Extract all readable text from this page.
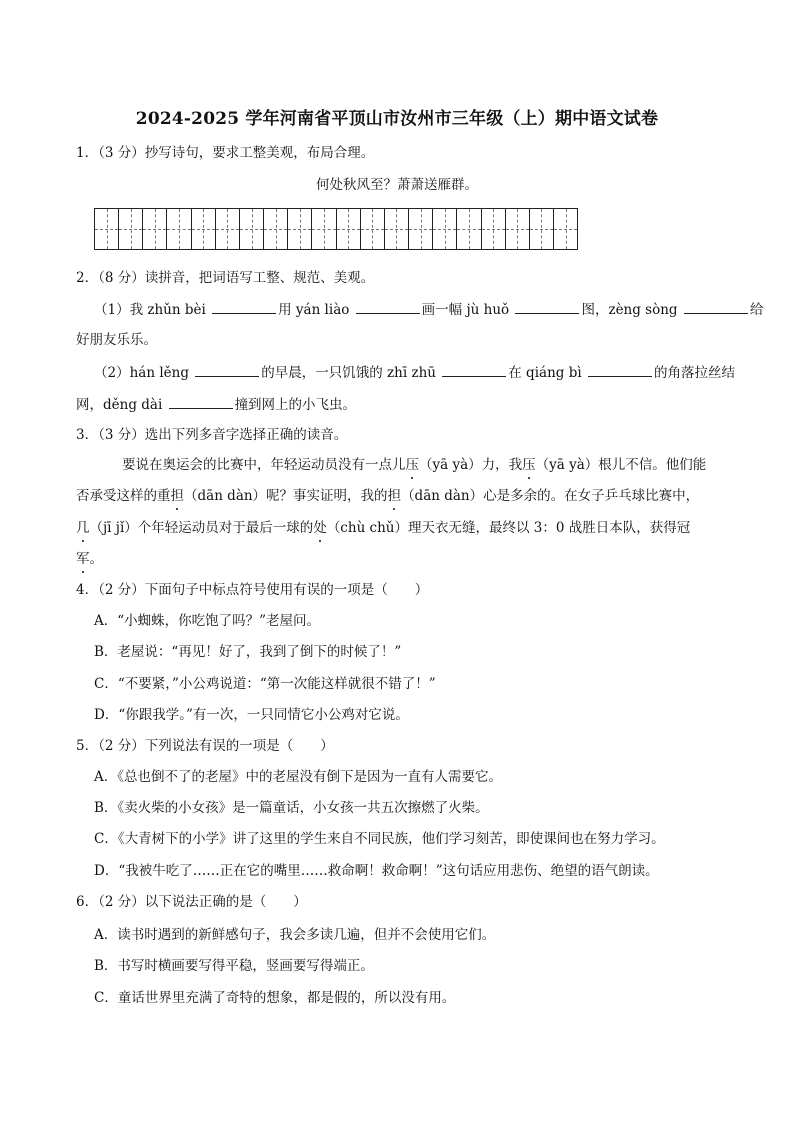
2024-2025 学年河南省平顶山市汝州市三年级（上）期中语文试卷
1．（3 分）抄写诗句，要求工整美观，布局合理。
何处秋风至？萧萧送雁群。
2．（8 分）读拼音，把词语写工整、规范、美观。
（1）我 zhǔn bèi	用 yán liào	画一幅 jù huǒ	图，zèng sòng	给
好朋友乐乐。
（2）hán lěng	的早晨，一只饥饿的 zhī zhū	在 qiáng bì	的角落拉丝结
网，děng dài	撞到网上的小飞虫。
3．（3 分）选出下列多音字选择正确的读音。
要说在奥运会的比赛中，年轻运动员没有一点儿压（yā yà）力，我压（yā yà）根儿不信。他们能
否承受这样的重担（dān dàn）呢？事实证明，我的担（dān dàn）心是多余的。在女子乒乓球比赛中，
几（jī jǐ）个年轻运动员对于最后一球的处（chù chǔ）理天衣无缝，最终以 3：0 战胜日本队，获得冠
军。
4．（2 分）下面句子中标点符号使用有误的一项是（　　）
A．“小蜘蛛，你吃饱了吗？”老屋问。
B．老屋说：“再见！好了，我到了倒下的时候了！”
C．“不要紧，”小公鸡说道：“第一次能这样就很不错了！”
D．“你跟我学。”有一次，一只同情它小公鸡对它说。
5．（2 分）下列说法有误的一项是（　　）
A．《总也倒不了的老屋》中的老屋没有倒下是因为一直有人需要它。
B．《卖火柴的小女孩》是一篇童话，小女孩一共五次擦燃了火柴。
C．《大青树下的小学》讲了这里的学生来自不同民族，他们学习刻苦，即使课间也在努力学习。
D．“我被牛吃了……正在它的嘴里……救命啊！救命啊！”这句话应用悲伤、绝望的语气朗读。
6．（2 分）以下说法正确的是（　　）
A．读书时遇到的新鲜感句子，我会多读几遍，但并不会使用它们。
B．书写时横画要写得平稳，竖画要写得端正。
C．童话世界里充满了奇特的想象，都是假的，所以没有用。
